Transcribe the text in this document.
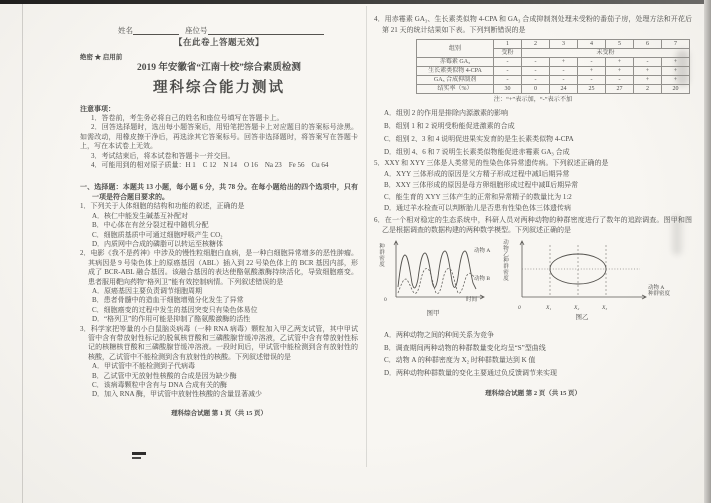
姓名	座位号
【在此卷上答题无效】
绝密 ★ 启用前
2019 年安徽省“江南十校”综合素质检测
理科综合能力测试
注意事项：

1．答卷前，考生务必将自己的姓名和座位号填写在答题卡上。

2．回答选择题时，选出每小题答案后，用铅笔把答题卡上对应题目的答案标号涂黑。如需改动，用橡皮擦干净后，再选涂其它答案标号。回答非选择题时，将答案写在答题卡上，写在本试卷上无效。

3．考试结束后，将本试卷和答题卡一并交回。

4．可能用到的相对原子质量：H 1　C 12　N 14　O 16　Na 23　Fe 56　Cu 64

一、选择题：本题共 13 小题，每小题 6 分，共 78 分。在每小题给出的四个选项中，只有一项是符合题目要求的。

1．下列关于人体细胞的结构和功能的叙述，正确的是

A．核仁中能发生碱基互补配对
B．中心体在有丝分裂过程中随机分配
C．细胞质基质中可通过细胞呼吸产生 CO₂
D．内质网中合成的磷脂可以转运至核糖体

2．电影《我不是药神》中涉及的慢性粒细胞白血病，是一种白细胞异常增多的恶性肿瘤。其病因是 9 号染色体上的原癌基因（ABL）插入到 22 号染色体上的 BCR 基因内部，形成了 BCR-ABL 融合基因。该融合基因的表达使酪氨酸激酶持续活化，导致细胞癌变。患者服用靶向药物“格列卫”能有效控制病情。下列叙述错误的是

A．原癌基因主要负责调节细胞周期
B．患者骨髓中的造血干细胞增殖分化发生了异常
C．细胞癌变的过程中发生的基因突变只有染色体易位
D．“格列卫”的作用可能是抑制了酪氨酸激酶的活性

3．科学家把等量的小白鼠脑炎病毒（一种 RNA 病毒）颗粒加入甲乙两支试管，其中甲试管中含有带放射性标记的脱氧核苷酸和三磷酸腺苷缓冲溶液，乙试管中含有带放射性标记的核糖核苷酸和三磷酸腺苷缓冲溶液。一段时间后，甲试管中能检测到含有放射性的核酸，乙试管中不能检测到含有放射性的核酸。下列叙述错误的是

A．甲试管中不能检测到子代病毒
B．乙试管中无放射性核酸的合成是因为缺少酶
C．该病毒颗粒中含有与 DNA 合成有关的酶
D．加入 RNA 酶，甲试管中放射性核酸的含量显著减少
理科综合试题 第 1 页（共 15 页）

4．用赤霉素 GA₃、生长素类似物 4-CPA 和 GA₃ 合成抑制剂处理未受粉的番茄子房，处理方法和开花后第 21 天的统计结果如下表。下列判断错误的是

组别	1	2	3	4	5	6	7
	受粉	未受粉					
赤霉素 GA₃	-	-	+	-	+	-	+
生长素类似物 4-CPA	-	-	-	+	+	+	+
GA₃ 合成抑制剂	-	-	-	-	-	+	+
结实率（%）	30	0	24	25	27	2	20
注：“+”表示加，“-”表示不加
A．组别 2 的作用是排除内源激素的影响
B．组别 1 和 2 说明受粉能促进激素的合成
C．组别 2、3 和 4 说明促进果实发育的是生长素类似物 4-CPA
D．组别 4、6 和 7 说明生长素类似物能促进赤霉素 GA₃ 合成

5．XXY 和 XYY 三体是人类常见的性染色体异常遗传病。下列叙述正确的是

A．XYY 三体形成的原因是父方精子形成过程中减Ⅰ后期异常
B．XXY 三体形成的原因是母方卵细胞形成过程中减Ⅱ后期异常
C．能生育的 XYY 三体产生的正常和异常精子的数量比为 1:2
D．通过羊水检查可以判断胎儿是否患有性染色体三体遗传病

6．在一个相对稳定的生态系统中，科研人员对两种动物的种群密度进行了数年的追踪调查。图甲和图乙是根据调查的数据构建的两种数学模型。下列叙述正确的是

种群密度
0	时间
动物 A
动物 B
图甲
动物乙种群密度
0	X₁	X₂	X₃
动物 A
种群密度
图乙
A．两种动物之间的种间关系为竞争
B．调查期间两种动物的种群数量变化均呈“S”型曲线
C．动物 A 的种群密度为 X₂ 时种群数量达到 K 值
D．两种动物种群数量的变化主要通过负反馈调节来实现
理科综合试题 第 2 页（共 15 页）
